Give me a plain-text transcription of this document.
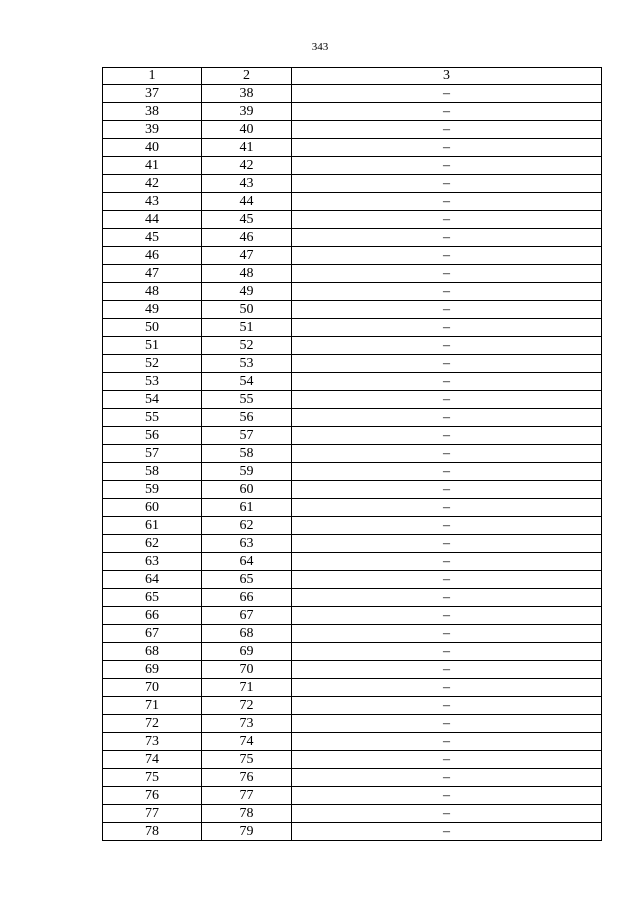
343
1	2	3
37	38	–
38	39	–
39	40	–
40	41	–
41	42	–
42	43	–
43	44	–
44	45	–
45	46	–
46	47	–
47	48	–
48	49	–
49	50	–
50	51	–
51	52	–
52	53	–
53	54	–
54	55	–
55	56	–
56	57	–
57	58	–
58	59	–
59	60	–
60	61	–
61	62	–
62	63	–
63	64	–
64	65	–
65	66	–
66	67	–
67	68	–
68	69	–
69	70	–
70	71	–
71	72	–
72	73	–
73	74	–
74	75	–
75	76	–
76	77	–
77	78	–
78	79	–
